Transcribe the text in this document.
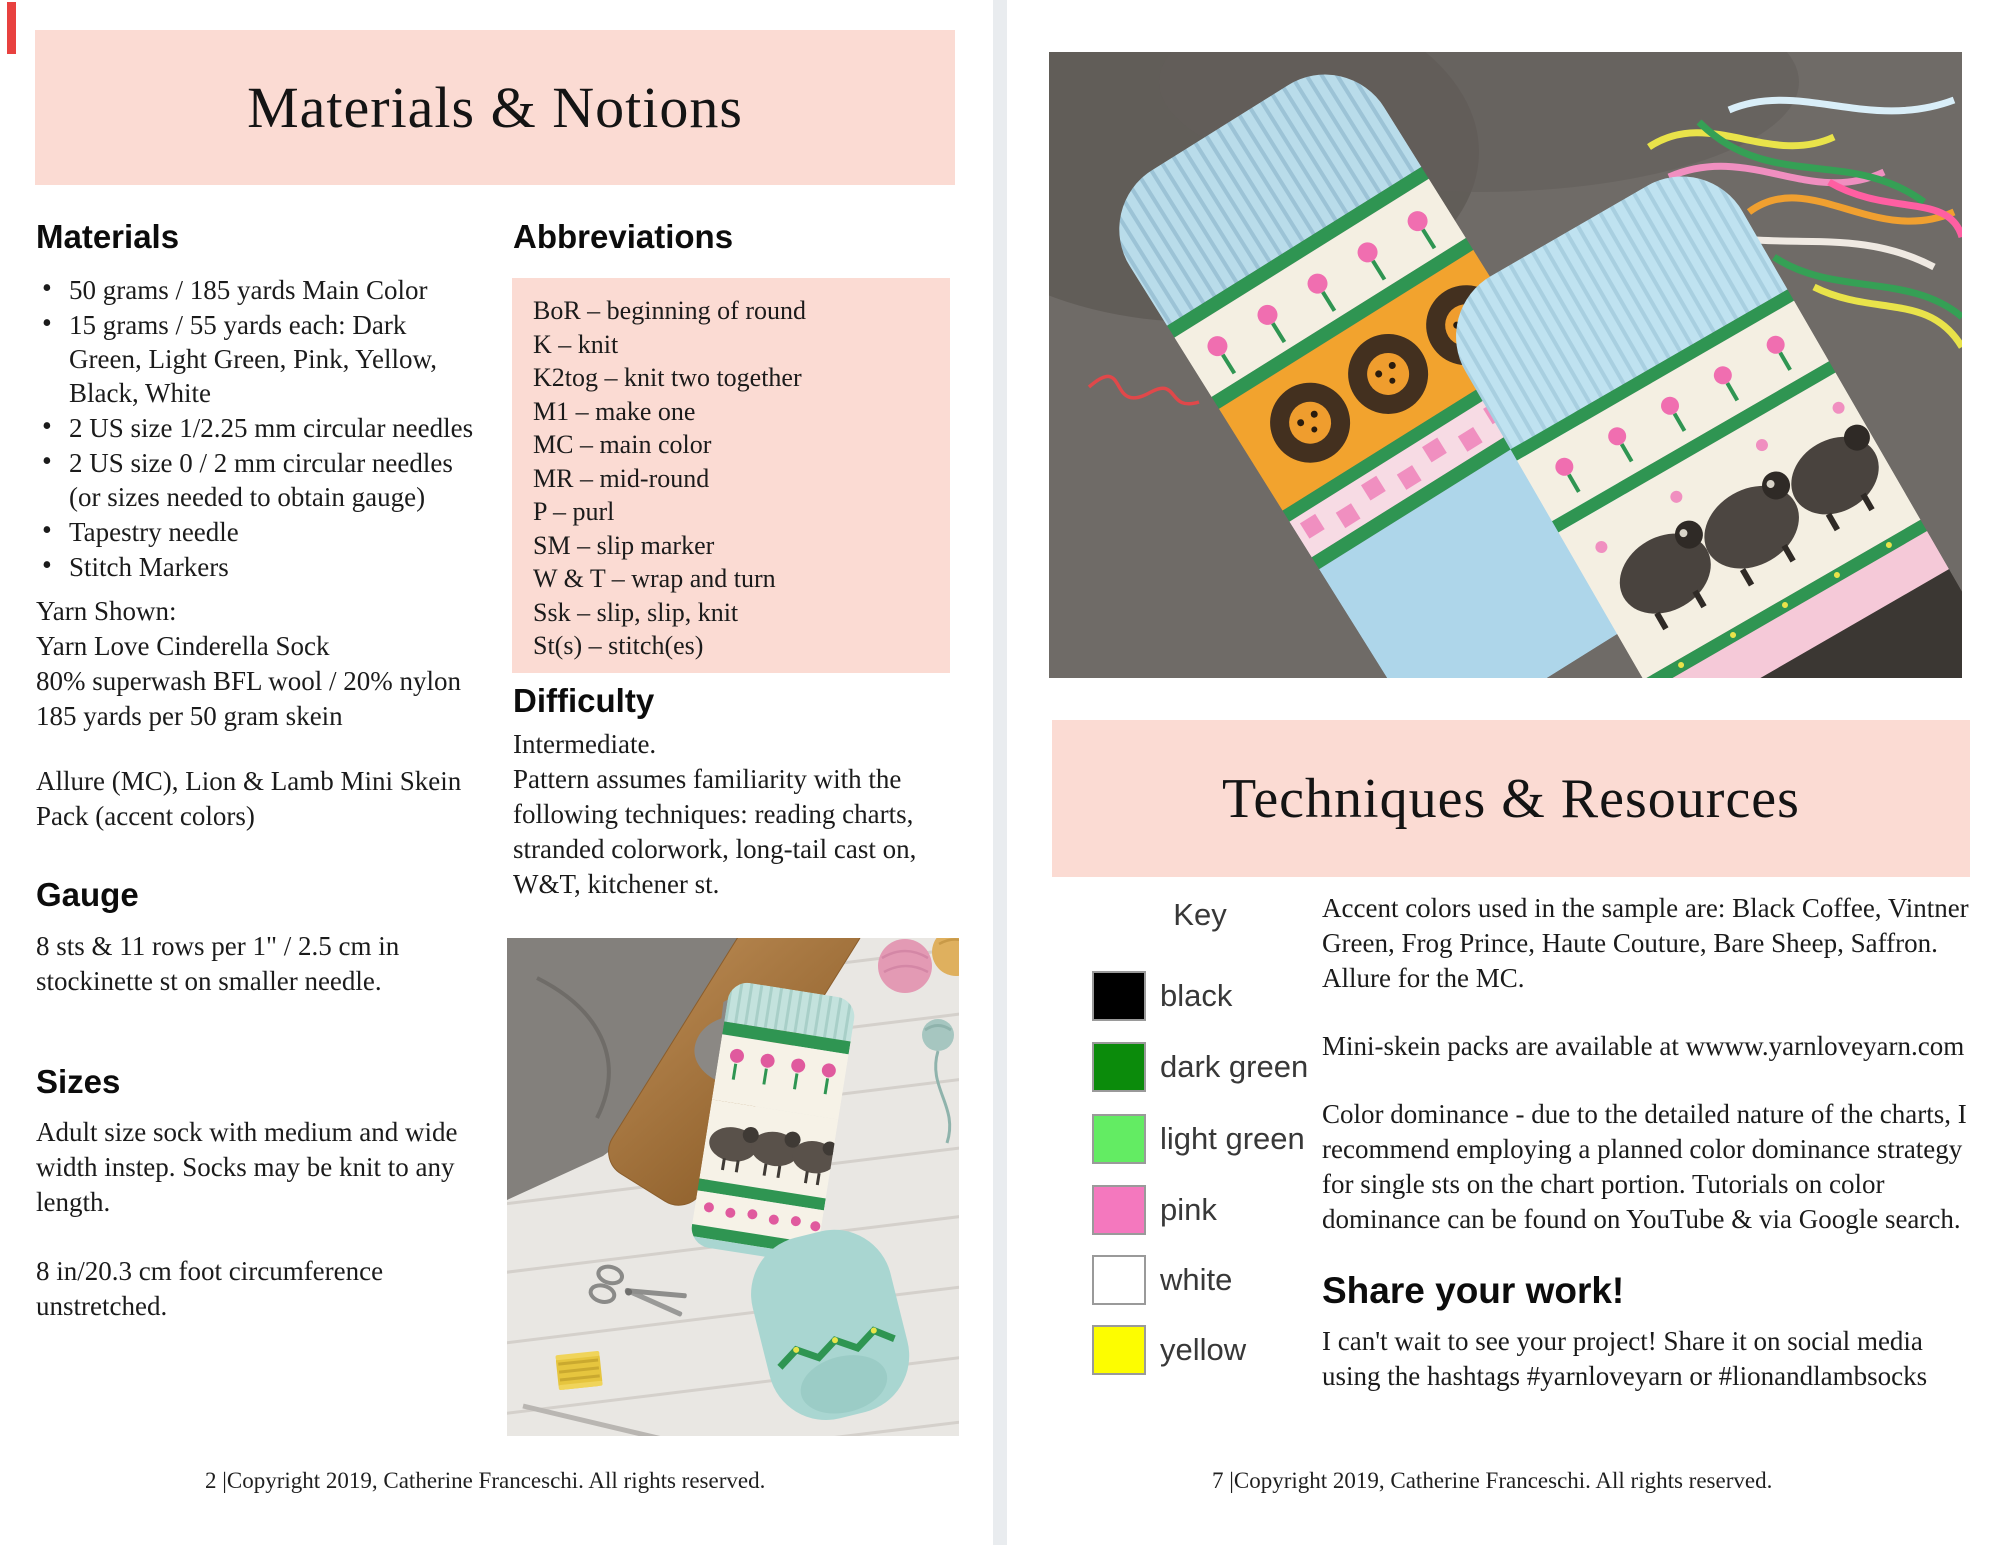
Materials & Notions
Materials
• 50 grams / 185 yards Main Color
• 15 grams / 55 yards each: Dark Green, Light Green, Pink, Yellow, Black, White
• 2 US size 1/2.25 mm circular needles
• 2 US size 0 / 2 mm circular needles (or sizes needed to obtain gauge)
• Tapestry needle
• Stitch Markers
Yarn Shown:
Yarn Love Cinderella Sock
80% superwash BFL wool / 20% nylon
185 yards per 50 gram skein
Allure (MC), Lion & Lamb Mini Skein Pack (accent colors)
Gauge
8 sts & 11 rows per 1" / 2.5 cm in stockinette st on smaller needle.
Sizes
Adult size sock with medium and wide width instep. Socks may be knit to any length.
8 in/20.3 cm foot circumference unstretched.
Abbreviations
BoR – beginning of round
K – knit
K2tog – knit two together
M1 – make one
MC – main color
MR – mid-round
P – purl
SM – slip marker
W & T – wrap and turn
Ssk – slip, slip, knit
St(s) – stitch(es)
Difficulty
Intermediate.
Pattern assumes familiarity with the following techniques: reading charts, stranded colorwork, long-tail cast on, W&T, kitchener st.
2 |Copyright 2019, Catherine Franceschi. All rights reserved.
Techniques & Resources
Key
black
dark green
light green
pink
white
yellow

Accent colors used in the sample are: Black Coffee, Vintner Green, Frog Prince, Haute Couture, Bare Sheep, Saffron. Allure for the MC.

Mini-skein packs are available at wwww.yarnloveyarn.com

Color dominance - due to the detailed nature of the charts, I recommend employing a planned color dominance strategy for single sts on the chart portion. Tutorials on color dominance can be found on YouTube & via Google search.

Share your work!

I can't wait to see your project! Share it on social media using the hashtags #yarnloveyarn or #lionandlambsocks

7 |Copyright 2019, Catherine Franceschi. All rights reserved.
